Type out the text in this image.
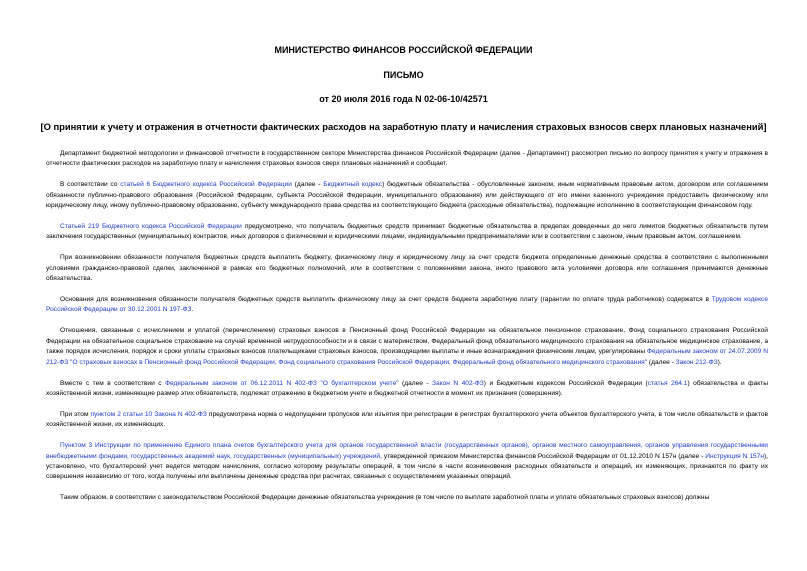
МИНИСТЕРСТВО ФИНАНСОВ РОССИЙСКОЙ ФЕДЕРАЦИИ
ПИСЬМО
от 20 июля 2016 года N 02-06-10/42571
[О принятии к учету и отражения в отчетности фактических расходов на заработную плату и начисления страховых взносов сверх плановых назначений]

Департамент бюджетной методологии и финансовой отчетности в государственном секторе Министерства финансов Российской Федерации (далее - Департамент) рассмотрел письмо по вопросу принятия к учету и отражения в отчетности фактических расходов на заработную плату и начисления страховых взносов сверх плановых назначений и сообщает.

В соответствии со статьей 6 Бюджетного кодекса Российской Федерации (далее - Бюджетный кодекс) бюджетные обязательства - обусловленные законом, иным нормативным правовым актом, договором или соглашением обязанности публично-правового образования (Российской Федерации, субъекта Российской Федерации, муниципального образования) или действующего от его имени казенного учреждения предоставить физическому или юридическому лицу, иному публично-правовому образованию, субъекту международного права средства из соответствующего бюджета (расходные обязательства), подлежащие исполнению в соответствующем финансовом году.

Статьей 219 Бюджетного кодекса Российской Федерации предусмотрено, что получатель бюджетных средств принимает бюджетные обязательства в пределах доведенных до него лимитов бюджетных обязательств путем заключения государственных (муниципальных) контрактов, иных договоров с физическими и юридическими лицами, индивидуальными предпринимателями или в соответствии с законом, иным правовым актом, соглашением.

При возникновении обязанности получателя бюджетных средств выплатить бюджету, физическому лицу и юридическому лицу за счет средств бюджета определенные денежные средства в соответствии с выполненными условиями гражданско-правовой сделки, заключенной в рамках его бюджетных полномочий, или в соответствии с положениями закона, иного правового акта условиями договора или соглашения принимаются денежные обязательства.

Основания для возникновения обязанности получателя бюджетных средств выплатить физическому лицу за счет средств бюджета заработную плату (гарантии по оплате труда работников) содержатся в Трудовом кодексе Российской Федерации от 30.12.2001 N 197-ФЗ.

Отношения, связанные с исчислением и уплатой (перечислением) страховых взносов в Пенсионный фонд Российской Федерации на обязательное пенсионное страхование, Фонд социального страхования Российской Федерации на обязательное социальное страхование на случай временной нетрудоспособности и в связи с материнством, Федеральный фонд обязательного медицинского страхования на обязательное медицинское страхование, а также порядок исчисления, порядок и сроки уплаты страховых взносов плательщиками страховых взносов, производящими выплаты и иные вознаграждения физическим лицам, урегулированы Федеральным законом от 24.07.2009 N 212-ФЗ "О страховых взносах в Пенсионный фонд Российской Федерации, Фонд социального страхования Российской Федерации, Федеральный фонд обязательного медицинского страхования" (далее - Закон 212-ФЗ).

Вместе с тем в соответствии с Федеральным законом от 06.12.2011 N 402-ФЗ "О бухгалтерском учете" (далее - Закон N 402-ФЗ) и Бюджетным кодексом Российской Федерации (статья 264.1) обязательства и факты хозяйственной жизни, изменяющие размер этих обязательств, подлежат отражению в бюджетном учете и бюджетной отчетности в момент их признания (совершения).

При этом пунктом 2 статьи 10 Закона N 402-ФЗ предусмотрена норма о недопущении пропусков или изъятия при регистрации в регистрах бухгалтерского учета объектов бухгалтерского учета, в том числе обязательств и фактов хозяйственной жизни, их изменяющих.

Пунктом 3 Инструкции по применению Единого плана счетов бухгалтерского учета для органов государственной власти (государственных органов), органов местного самоуправления, органов управления государственными внебюджетными фондами, государственных академий наук, государственных (муниципальных) учреждений, утвержденной приказом Министерства финансов Российской Федерации от 01.12.2010 N 157н (далее - Инструкция N 157н), установлено, что бухгалтерский учет ведется методом начисления, согласно которому результаты операций, в том числе в части возникновения расходных обязательств и операций, их изменяющих, признаются по факту их совершения независимо от того, когда получены или выплачены денежные средства при расчетах, связанных с осуществлением указанных операций.

Таким образом, в соответствии с законодательством Российской Федерации денежные обязательства учреждения (в том числе по выплате заработной платы и уплате обязательных страховых взносов) должны
